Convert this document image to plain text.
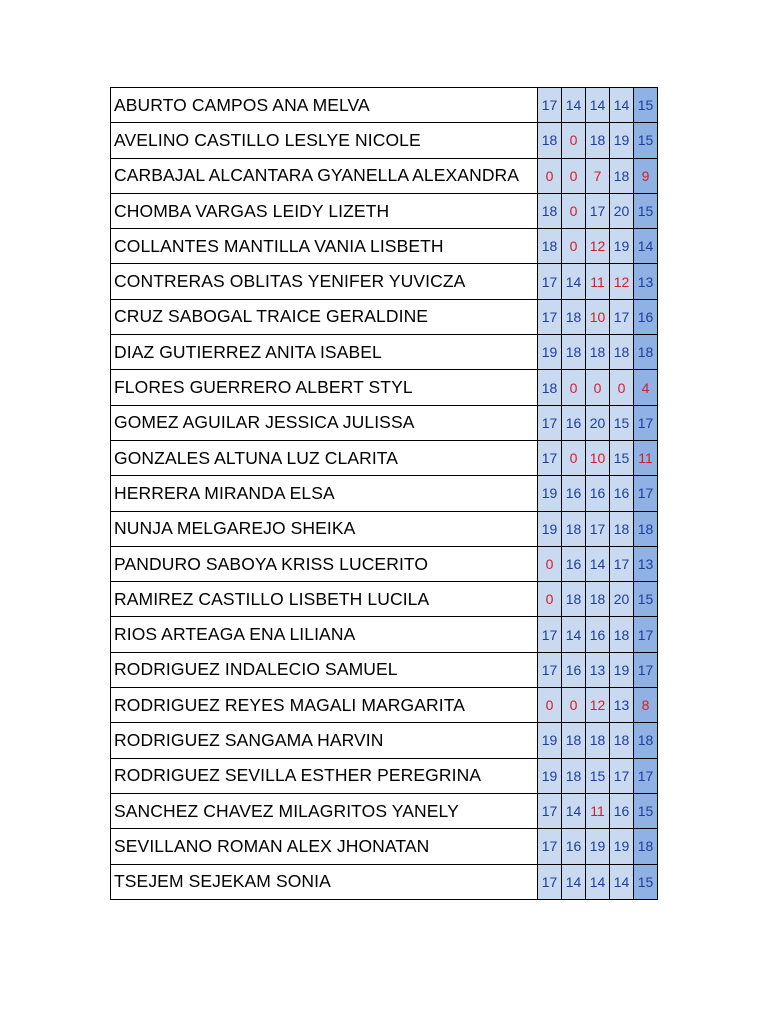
ABURTO CAMPOS ANA MELVA	17	14	14	14	15
AVELINO CASTILLO LESLYE NICOLE	18	0	18	19	15
CARBAJAL ALCANTARA GYANELLA ALEXANDRA	0	0	7	18	9
CHOMBA VARGAS LEIDY LIZETH	18	0	17	20	15
COLLANTES MANTILLA VANIA LISBETH	18	0	12	19	14
CONTRERAS OBLITAS YENIFER YUVICZA	17	14	11	12	13
CRUZ SABOGAL TRAICE GERALDINE	17	18	10	17	16
DIAZ GUTIERREZ ANITA ISABEL	19	18	18	18	18
FLORES GUERRERO ALBERT STYL	18	0	0	0	4
GOMEZ AGUILAR JESSICA JULISSA	17	16	20	15	17
GONZALES ALTUNA LUZ CLARITA	17	0	10	15	11
HERRERA MIRANDA ELSA	19	16	16	16	17
NUNJA MELGAREJO SHEIKA	19	18	17	18	18
PANDURO SABOYA KRISS LUCERITO	0	16	14	17	13
RAMIREZ CASTILLO LISBETH LUCILA	0	18	18	20	15
RIOS ARTEAGA ENA LILIANA	17	14	16	18	17
RODRIGUEZ INDALECIO SAMUEL	17	16	13	19	17
RODRIGUEZ REYES MAGALI MARGARITA	0	0	12	13	8
RODRIGUEZ SANGAMA HARVIN	19	18	18	18	18
RODRIGUEZ SEVILLA ESTHER PEREGRINA	19	18	15	17	17
SANCHEZ CHAVEZ MILAGRITOS YANELY	17	14	11	16	15
SEVILLANO ROMAN ALEX JHONATAN	17	16	19	19	18
TSEJEM SEJEKAM SONIA	17	14	14	14	15
